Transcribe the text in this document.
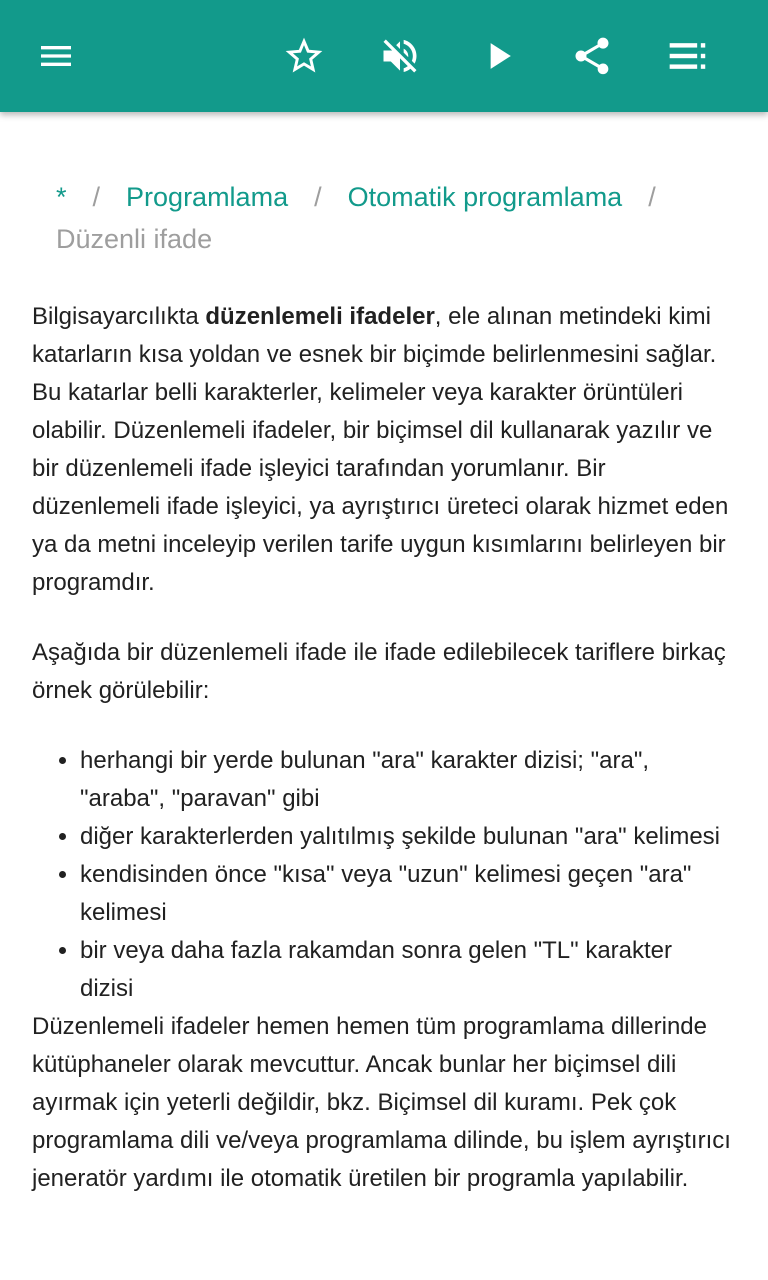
* / Programlama / Otomatik programlama /
Düzenli ifade

Bilgisayarcılıkta düzenlemeli ifadeler, ele alınan metindeki kimi katarların kısa yoldan ve esnek bir biçimde belirlenmesini sağlar. Bu katarlar belli karakterler, kelimeler veya karakter örüntüleri olabilir. Düzenlemeli ifadeler, bir biçimsel dil kullanarak yazılır ve bir düzenlemeli ifade işleyici tarafından yorumlanır. Bir düzenlemeli ifade işleyici, ya ayrıştırıcı üreteci olarak hizmet eden ya da metni inceleyip verilen tarife uygun kısımlarını belirleyen bir programdır.

Aşağıda bir düzenlemeli ifade ile ifade edilebilecek tariflere birkaç örnek görülebilir:

• herhangi bir yerde bulunan "ara" karakter dizisi; "ara", "araba", "paravan" gibi
• diğer karakterlerden yalıtılmış şekilde bulunan "ara" kelimesi
• kendisinden önce "kısa" veya "uzun" kelimesi geçen "ara" kelimesi
• bir veya daha fazla rakamdan sonra gelen "TL" karakter dizisi

Düzenlemeli ifadeler hemen hemen tüm programlama dillerinde kütüphaneler olarak mevcuttur. Ancak bunlar her biçimsel dili ayırmak için yeterli değildir, bkz. Biçimsel dil kuramı. Pek çok programlama dili ve/veya programlama dilinde, bu işlem ayrıştırıcı jeneratör yardımı ile otomatik üretilen bir programla yapılabilir.
